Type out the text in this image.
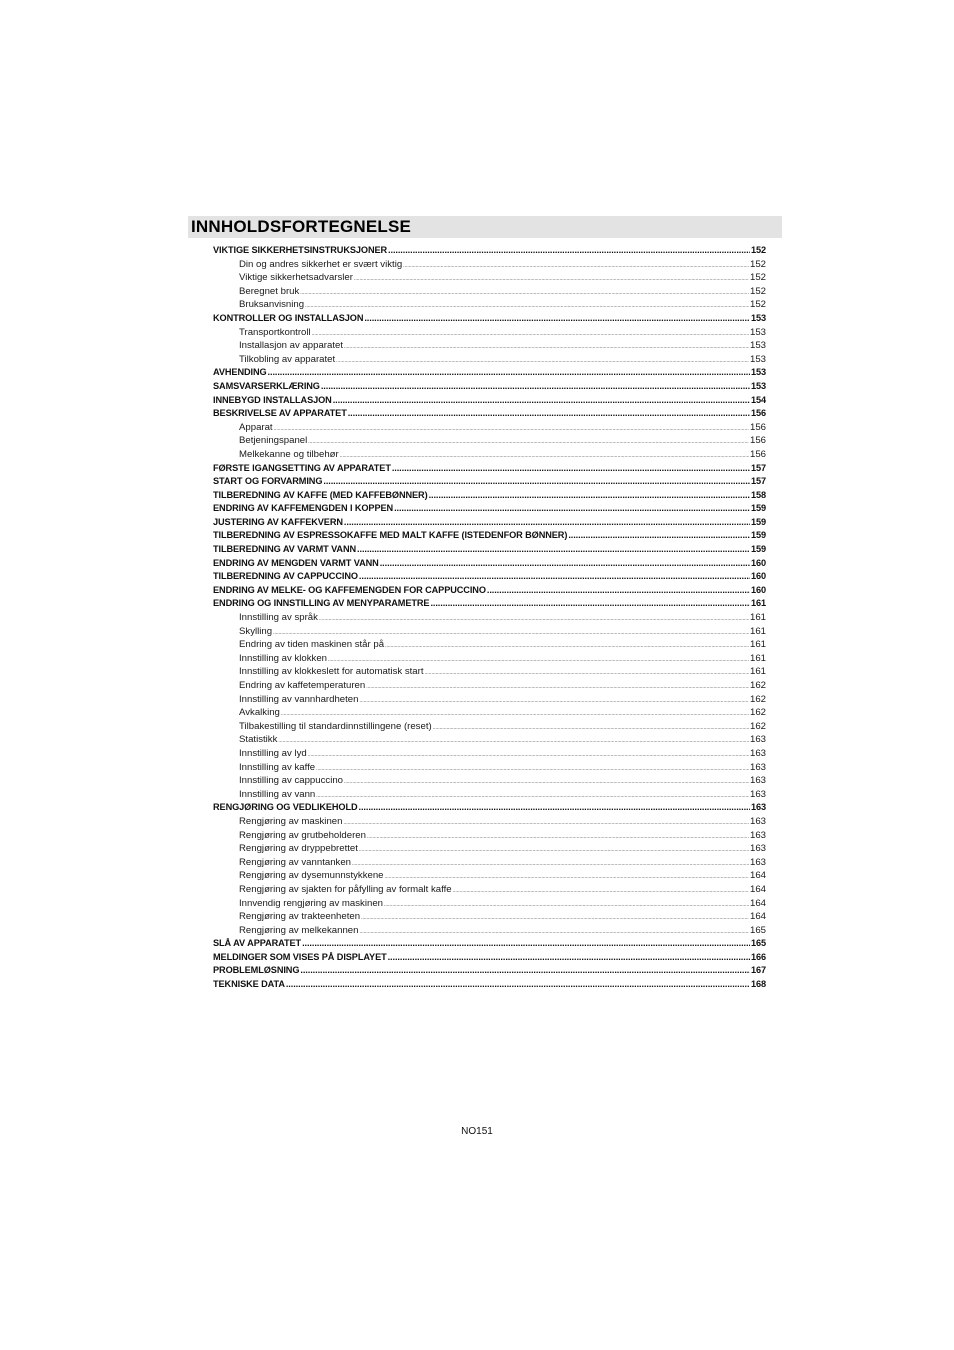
INNHOLDSFORTEGNELSE
VIKTIGE SIKKERHETSINSTRUKSJONER .....	152
Din og andres sikkerhet er svært viktig .....	152
Viktige sikkerhetsadvarsler .....	152
Beregnet bruk .....	152
Bruksanvisning .....	152
KONTROLLER OG INSTALLASJON .....	153
Transportkontroll .....	153
Installasjon av apparatet .....	153
Tilkobling av apparatet .....	153
AVHENDING .....	153
SAMSVARSERKLÆRING .....	153
INNEBYGD INSTALLASJON .....	154
BESKRIVELSE AV APPARATET .....	156
Apparat .....	156
Betjeningspanel .....	156
Melkekanne og tilbehør .....	156
FØRSTE IGANGSETTING AV APPARATET .....	157
START OG FORVARMING .....	157
TILBEREDNING AV KAFFE (MED KAFFEBØNNER) .....	158
ENDRING AV KAFFEMENGDEN I KOPPEN .....	159
JUSTERING AV KAFFEKVERN .....	159
TILBEREDNING AV ESPRESSOKAFFE MED MALT KAFFE (ISTEDENFOR BØNNER) .....	159
TILBEREDNING AV VARMT VANN .....	159
ENDRING AV MENGDEN VARMT VANN .....	160
TILBEREDNING AV CAPPUCCINO .....	160
ENDRING AV MELKE- OG KAFFEMENGDEN FOR CAPPUCCINO .....	160
ENDRING OG INNSTILLING AV MENYPARAMETRE .....	161
Innstilling av språk .....	161
Skylling .....	161
Endring av tiden maskinen står på .....	161
Innstilling av klokken .....	161
Innstilling av klokkeslett for automatisk start .....	161
Endring av kaffetemperaturen .....	162
Innstilling av vannhardheten .....	162
Avkalking .....	162
Tilbakestilling til standardinnstillingene (reset) .....	162
Statistikk .....	163
Innstilling av lyd .....	163
Innstilling av kaffe .....	163
Innstilling av cappuccino .....	163
Innstilling av vann .....	163
RENGJØRING OG VEDLIKEHOLD .....	163
Rengjøring av maskinen .....	163
Rengjøring av grutbeholderen .....	163
Rengjøring av dryppebrettet .....	163
Rengjøring av vanntanken .....	163
Rengjøring av dysemunnstykkene .....	164
Rengjøring av sjakten for påfylling av formalt kaffe .....	164
Innvendig rengjøring av maskinen .....	164
Rengjøring av trakteenheten .....	164
Rengjøring av melkekannen .....	165
SLÅ AV APPARATET .....	165
MELDINGER SOM VISES PÅ DISPLAYET .....	166
PROBLEMLØSNING .....	167
TEKNISKE DATA .....	168
NO151
